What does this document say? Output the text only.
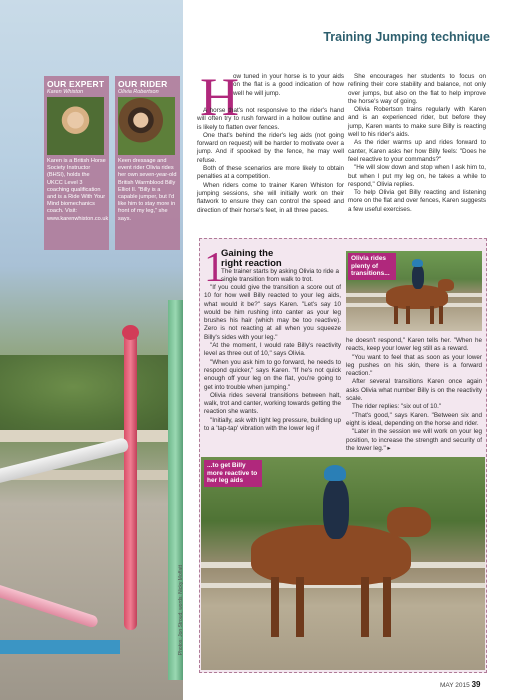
Photos: Jon Stroud; words: Nicky Moffatt
OUR EXPERT
Karen Whiston

Karen is a British Horse Society Instructor (BHSI), holds the UKCC Level 3 coaching qualification and is a Ride With Your Mind biomechanics coach. Visit: www.karenwhiston.co.uk

OUR RIDER
Olivia Robertson

Keen dressage and event rider Olivia rides her own seven-year-old British Warmblood Billy Elliot II. "Billy is a capable jumper, but I'd like him to stay more in front of my leg," she says.

Training Jumping technique
H

ow tuned in your horse is to your aids on the flat is a good indication of how well he will jump.

A horse that's not responsive to the rider's hand will often try to rush forward in a hollow outline and is likely to flatten over fences.

One that's behind the rider's leg aids (not going forward on request) will be harder to motivate over a jump. And if spooked by the fence, he may well refuse.

Both of these scenarios are more likely to obtain penalties at a competition.

When riders come to trainer Karen Whiston for jumping sessions, she will initially work on their flatwork to ensure they can control the speed and direction of their horse's feet, in all three paces.

She encourages her students to focus on refining their core stability and balance, not only over jumps, but also on the flat to help improve the horse's way of going.

Olivia Robertson trains regularly with Karen and is an experienced rider, but before they jump, Karen wants to make sure Billy is reacting well to his rider's aids.

As the rider warms up and rides forward to canter, Karen asks her how Billy feels: "Does he feel reactive to your commands?"

"He will slow down and stop when I ask him to, but when I put my leg on, he takes a while to respond," Olivia replies.

To help Olivia get Billy reacting and listening more on the flat and over fences, Karen suggests a few useful exercises.

1
Gaining the
right reaction
The trainer starts by asking Olivia to ride a single transition from walk to trot.

"If you could give the transition a score out of 10 for how well Billy reacted to your leg aids, what would it be?" says Karen. "Let's say 10 would be him rushing into canter as your leg brushes his hair (which may be too reactive). Zero is not reacting at all when you squeeze Billy's sides with your leg."

"At the moment, I would rate Billy's reactivity level as three out of 10," says Olivia.

"When you ask him to go forward, he needs to respond quicker," says Karen. "If he's not quick enough off your leg on the flat, you're going to get into trouble when jumping."

Olivia rides several transitions between halt, walk, trot and canter, working towards getting the reaction she wants.

"Initially, ask with light leg pressure, building up to a 'tap-tap' vibration with the lower leg if

he doesn't respond," Karen tells her. "When he reacts, keep your lower leg still as a reward.

"You want to feel that as soon as your lower leg pushes on his skin, there is a forward reaction."

After several transitions Karen once again asks Olivia what number Billy is on the reactivity scale.

The rider replies: "six out of 10."

"That's good," says Karen. "Between six and eight is ideal, depending on the horse and rider.

"Later in the session we will work on your leg position, to increase the strength and security of the lower leg." ▸

Olivia rides plenty of transitions...
...to get Billy more reactive to her leg aids
MAY 2015 39
